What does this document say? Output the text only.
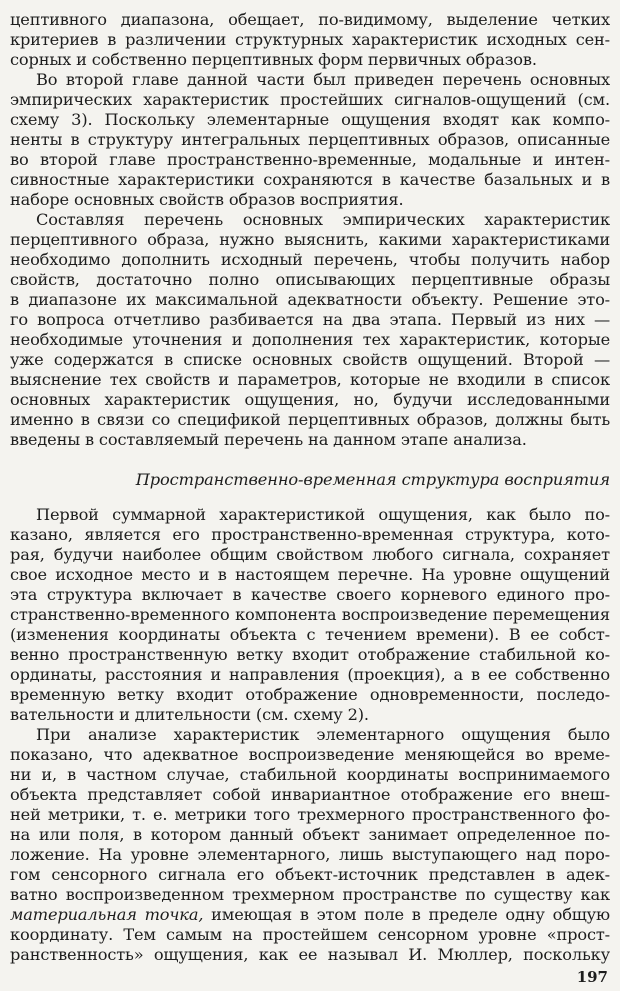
цептивного диапазона, обещает, по-видимому, выделение четких
критериев в различении структурных характеристик исходных сен-
сорных и собственно перцептивных форм первичных образов.
Во второй главе данной части был приведен перечень основных
эмпирических характеристик простейших сигналов-ощущений (см.
схему 3). Поскольку элементарные ощущения входят как компо-
ненты в структуру интегральных перцептивных образов, описанные
во второй главе пространственно-временные, модальные и интен-
сивностные характеристики сохраняются в качестве базальных и в
наборе основных свойств образов восприятия.
Составляя перечень основных эмпирических характеристик
перцептивного образа, нужно выяснить, какими характеристиками
необходимо дополнить исходный перечень, чтобы получить набор
свойств, достаточно полно описывающих перцептивные образы
в диапазоне их максимальной адекватности объекту. Решение это-
го вопроса отчетливо разбивается на два этапа. Первый из них —
необходимые уточнения и дополнения тех характеристик, которые
уже содержатся в списке основных свойств ощущений. Второй —
выяснение тех свойств и параметров, которые не входили в список
основных характеристик ощущения, но, будучи исследованными
именно в связи со спецификой перцептивных образов, должны быть
введены в составляемый перечень на данном этапе анализа.
Первой суммарной характеристикой ощущения, как было по-
казано, является его пространственно-временная структура, кото-
рая, будучи наиболее общим свойством любого сигнала, сохраняет
свое исходное место и в настоящем перечне. На уровне ощущений
эта структура включает в качестве своего корневого единого про-
странственно-временного компонента воспроизведение перемещения
(изменения координаты объекта с течением времени). В ее собст-
венно пространственную ветку входит отображение стабильной ко-
ординаты, расстояния и направления (проекция), а в ее собственно
временную ветку входит отображение одновременности, последо-
вательности и длительности (см. схему 2).
При анализе характеристик элементарного ощущения было
показано, что адекватное воспроизведение меняющейся во време-
ни и, в частном случае, стабильной координаты воспринимаемого
объекта представляет собой инвариантное отображение его внеш-
ней метрики, т. е. метрики того трехмерного пространственного фо-
на или поля, в котором данный объект занимает определенное по-
ложение. На уровне элементарного, лишь выступающего над поро-
гом сенсорного сигнала его объект-источник представлен в адек-
ватно воспроизведенном трехмерном пространстве по существу как
материальная точка, имеющая в этом поле в пределе одну общую
координату. Тем самым на простейшем сенсорном уровне «прост-
ранственность» ощущения, как ее называл И. Мюллер, поскольку
Пространственно-временная структура восприятия
197
